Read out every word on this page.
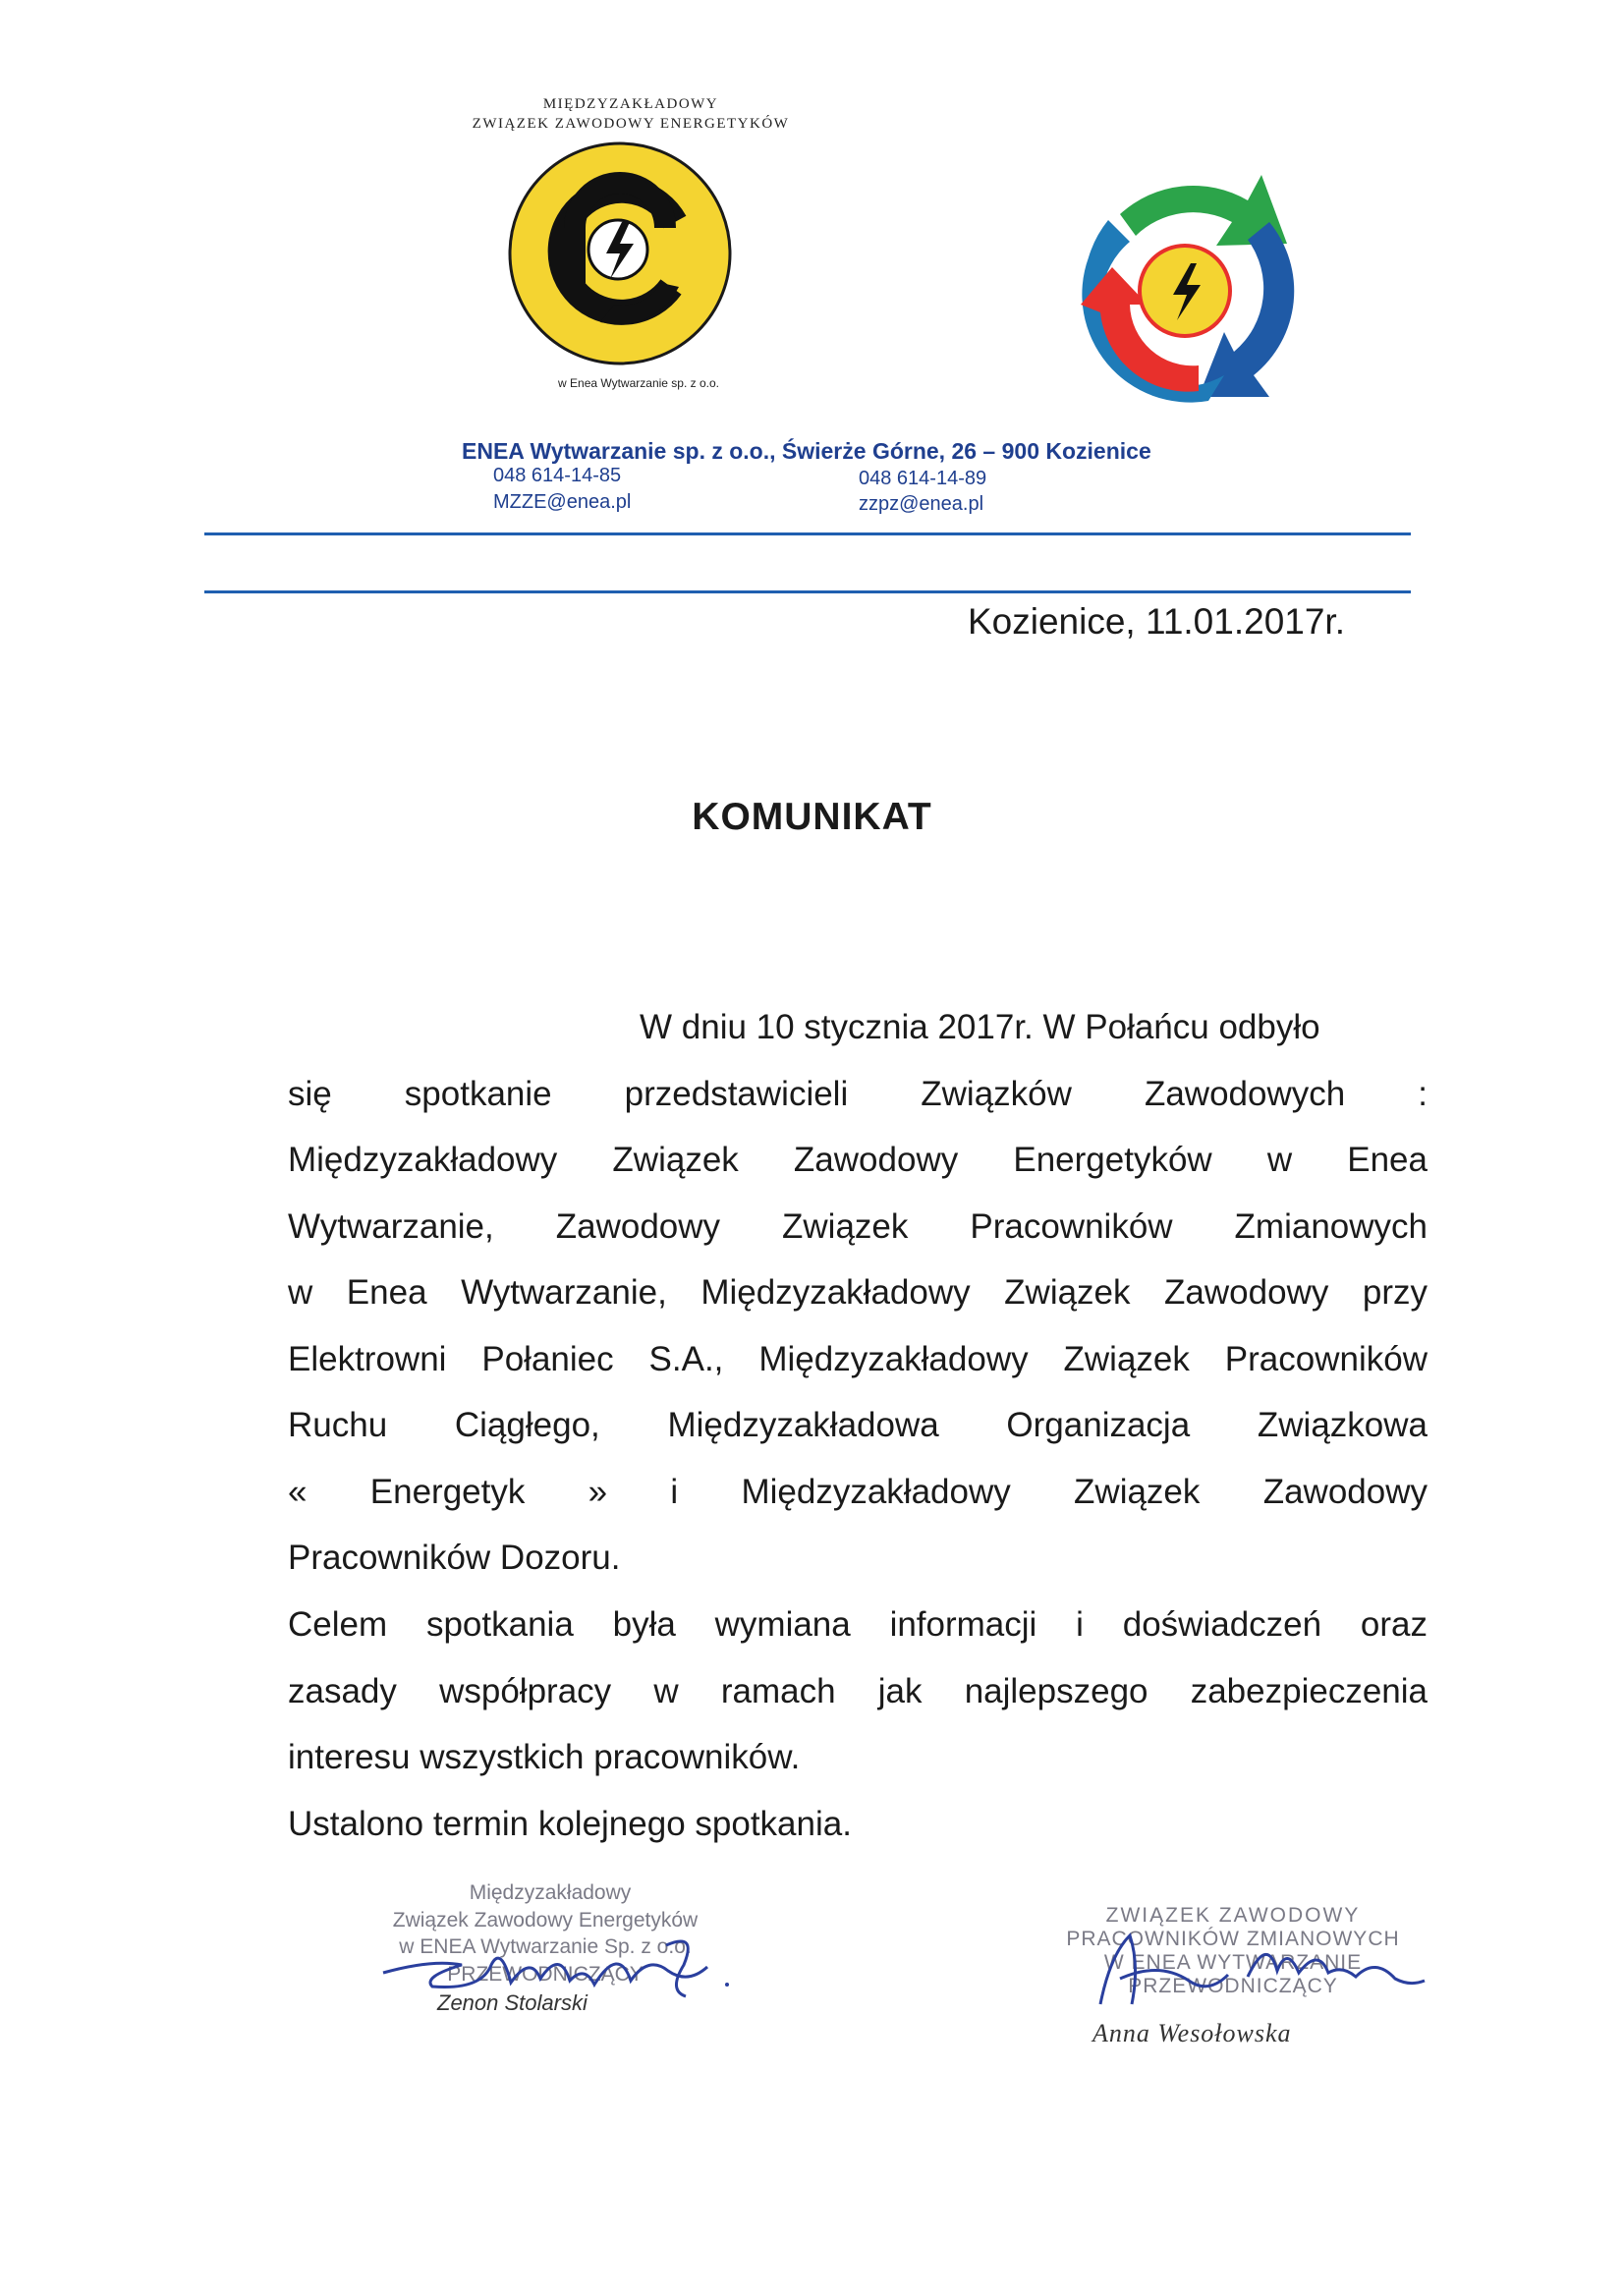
MIĘDZYZAKŁADOWY
ZWIĄZEK ZAWODOWY ENERGETYKÓW
w Enea Wytwarzanie sp. z o.o.
ENEA Wytwarzanie sp. z o.o., Świerże Górne, 26 – 900 Kozienice
048 614-14-85
MZZE@enea.pl
048 614-14-89
zzpz@enea.pl
Kozienice, 11.01.2017r.
KOMUNIKAT
W dniu 10 stycznia 2017r. W Połańcu odbyło
się spotkanie przedstawicieli Związków Zawodowych :
Międzyzakładowy Związek Zawodowy Energetyków w Enea
Wytwarzanie, Zawodowy Związek Pracowników Zmianowych
w Enea Wytwarzanie, Międzyzakładowy Związek Zawodowy przy
Elektrowni Połaniec S.A., Międzyzakładowy Związek Pracowników
Ruchu Ciągłego, Międzyzakładowa Organizacja Związkowa
« Energetyk » i Międzyzakładowy Związek Zawodowy
Pracowników Dozoru.
Celem spotkania była wymiana informacji i doświadczeń oraz
zasady współpracy w ramach jak najlepszego zabezpieczenia
interesu wszystkich pracowników.
Ustalono termin kolejnego spotkania.
Międzyzakładowy
Związek Zawodowy Energetyków
w ENEA Wytwarzanie Sp. z o.o.
PRZEWODNICZĄCY
Zenon Stolarski
ZWIĄZEK ZAWODOWY
PRACOWNIKÓW ZMIANOWYCH
W ENEA WYTWARZANIE
PRZEWODNICZĄCY
Anna Wesołowska
